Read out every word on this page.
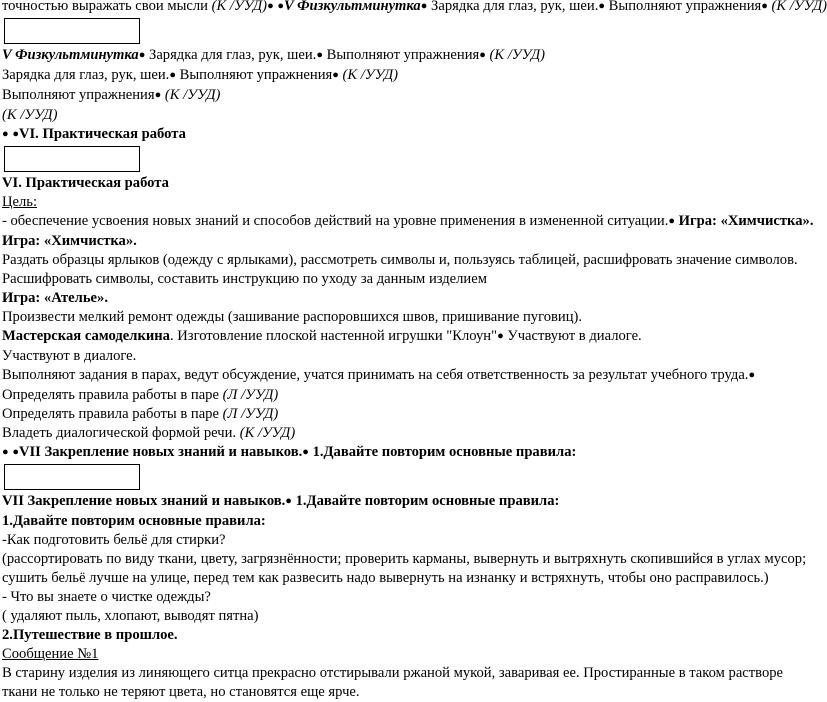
точностью выражать свои мысли (К /УУД)● ●V Физкультминутка● Зарядка для глаз, рук, шеи.● Выполняют упражнения● (К /УУД)
V Физкультминутка● Зарядка для глаз, рук, шеи.● Выполняют упражнения● (К /УУД)
Зарядка для глаз, рук, шеи.● Выполняют упражнения● (К /УУД)
Выполняют упражнения● (К /УУД)
(К /УУД)
● ●VI. Практическая работа
VI. Практическая работа
Цель:
- обеспечение усвоения новых знаний и способов действий на уровне применения в измененной ситуации.● Игра: «Химчистка».
Игра: «Химчистка».
Раздать образцы ярлыков (одежду с ярлыками), рассмотреть символы и, пользуясь таблицей, расшифровать значение символов.
Расшифровать символы, составить инструкцию по уходу за данным изделием
Игра: «Ателье».
Произвести мелкий ремонт одежды (зашивание распоровшихся швов, пришивание пуговиц).
Мастерская самоделкина. Изготовление плоской настенной игрушки "Клоун"● Участвуют в диалоге.
Участвуют в диалоге.
Выполняют задания в парах, ведут обсуждение, учатся принимать на себя ответственность за результат учебного труда.● Определять правила работы в паре (Л /УУД)
Определять правила работы в паре (Л /УУД)
Владеть диалогической формой речи. (К /УУД)
● ●VII Закрепление новых знаний и навыков.● 1.Давайте повторим основные правила:
VII Закрепление новых знаний и навыков.● 1.Давайте повторим основные правила:
1.Давайте повторим основные правила:
-Как подготовить бельё для стирки?
(рассортировать по виду ткани, цвету, загрязнённости; проверить карманы, вывернуть и вытряхнуть скопившийся в углах мусор;
сушить бельё лучше на улице, перед тем как развесить надо вывернуть на изнанку и встряхнуть, чтобы оно расправилось.)
- Что вы знаете о чистке одежды?
( удаляют пыль, хлопают, выводят пятна)
2.Путешествие в прошлое.
Сообщение №1
В старину изделия из линяющего ситца прекрасно отстирывали ржаной мукой, заваривая ее. Простиранные в таком растворе ткани не только не теряют цвета, но становятся еще ярче.
